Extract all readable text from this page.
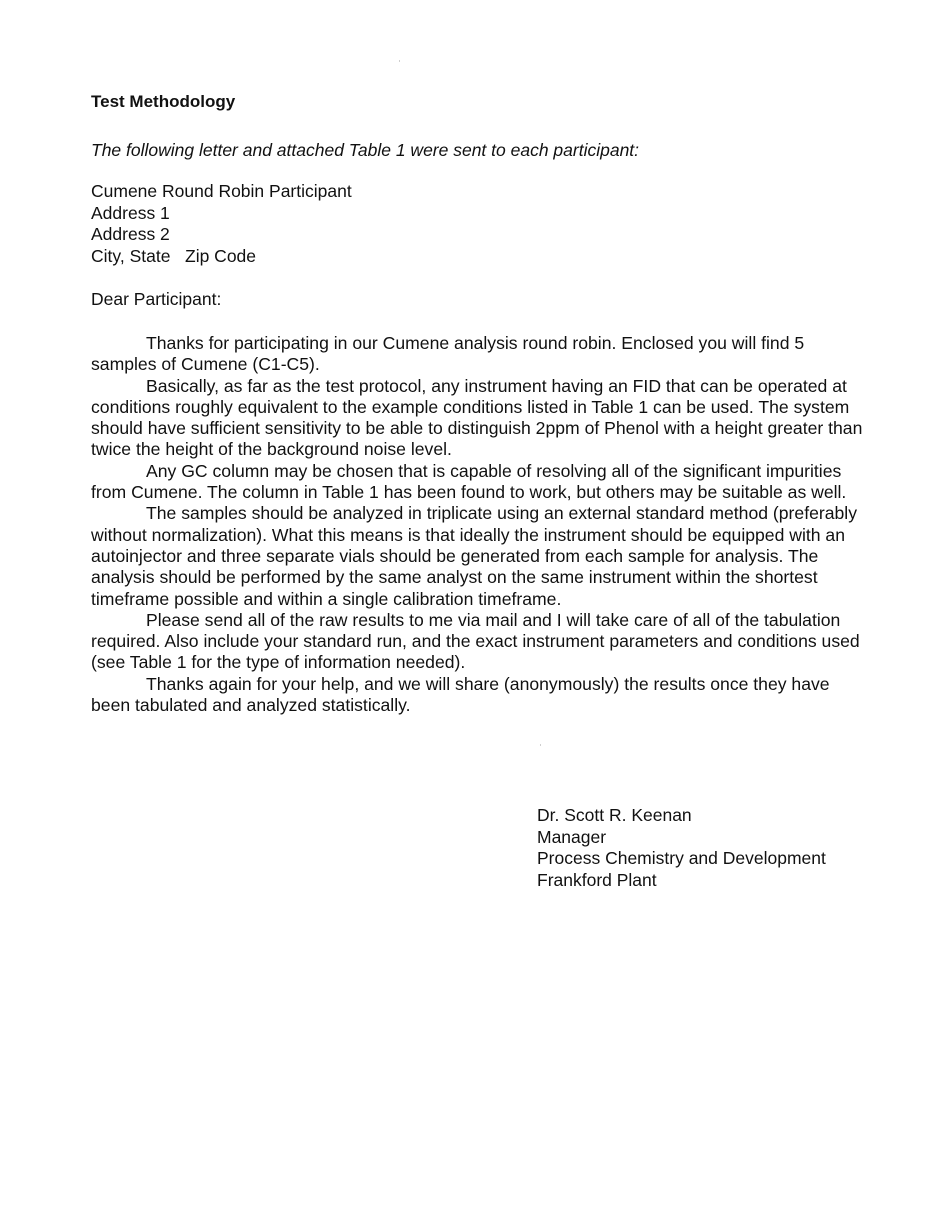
Test Methodology
The following letter and attached Table 1 were sent to each participant:
Cumene Round Robin Participant
Address 1
Address 2
City, State   Zip Code
Dear Participant:

Thanks for participating in our Cumene analysis round robin. Enclosed you will find 5 samples of Cumene (C1-C5).

Basically, as far as the test protocol, any instrument having an FID that can be operated at conditions roughly equivalent to the example conditions listed in Table 1 can be used. The system should have sufficient sensitivity to be able to distinguish 2ppm of Phenol with a height greater than twice the height of the background noise level.

Any GC column may be chosen that is capable of resolving all of the significant impurities from Cumene. The column in Table 1 has been found to work, but others may be suitable as well.

The samples should be analyzed in triplicate using an external standard method (preferably without normalization). What this means is that ideally the instrument should be equipped with an autoinjector and three separate vials should be generated from each sample for analysis. The analysis should be performed by the same analyst on the same instrument within the shortest timeframe possible and within a single calibration timeframe.

Please send all of the raw results to me via mail and I will take care of all of the tabulation required. Also include your standard run, and the exact instrument parameters and conditions used (see Table 1 for the type of information needed).

Thanks again for your help, and we will share (anonymously) the results once they have been tabulated and analyzed statistically.

Dr. Scott R. Keenan
Manager
Process Chemistry and Development
Frankford Plant
